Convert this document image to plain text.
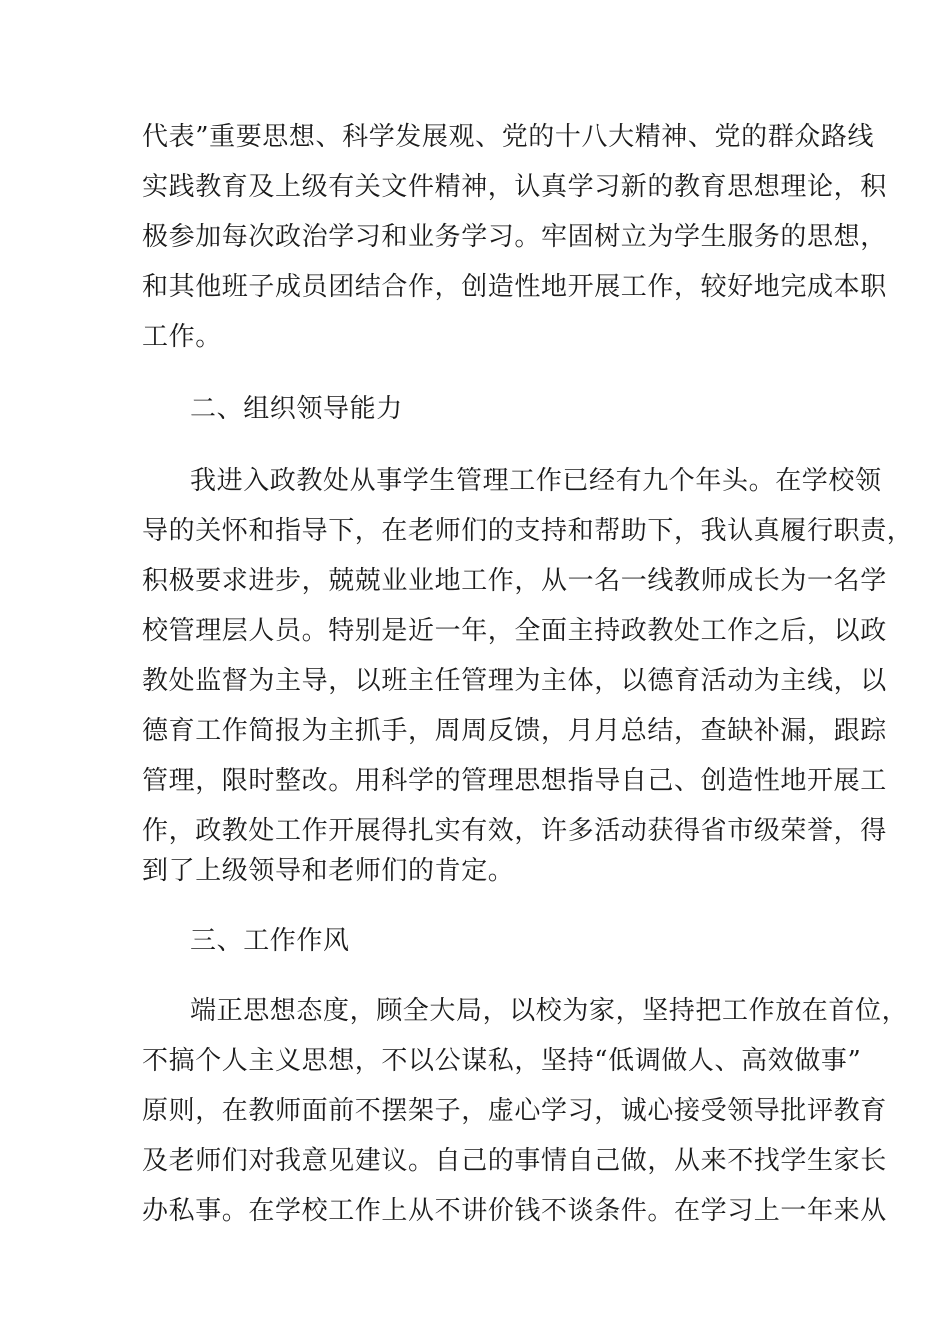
代表”重要思想、科学发展观、党的十八大精神、党的群众路线
实践教育及上级有关文件精神，认真学习新的教育思想理论，积
极参加每次政治学习和业务学习。牢固树立为学生服务的思想，
和其他班子成员团结合作，创造性地开展工作，较好地完成本职
工作。
二、组织领导能力
我进入政教处从事学生管理工作已经有九个年头。在学校领
导的关怀和指导下，在老师们的支持和帮助下，我认真履行职责，
积极要求进步，兢兢业业地工作，从一名一线教师成长为一名学
校管理层人员。特别是近一年，全面主持政教处工作之后，以政
教处监督为主导，以班主任管理为主体，以德育活动为主线，以
德育工作简报为主抓手，周周反馈，月月总结，查缺补漏，跟踪
管理，限时整改。用科学的管理思想指导自己、创造性地开展工
作，政教处工作开展得扎实有效，许多活动获得省市级荣誉，得
到了上级领导和老师们的肯定。
三、工作作风
端正思想态度，顾全大局，以校为家，坚持把工作放在首位，
不搞个人主义思想，不以公谋私，坚持“低调做人、高效做事”
原则，在教师面前不摆架子，虚心学习，诚心接受领导批评教育
及老师们对我意见建议。自己的事情自己做，从来不找学生家长
办私事。在学校工作上从不讲价钱不谈条件。在学习上一年来从
